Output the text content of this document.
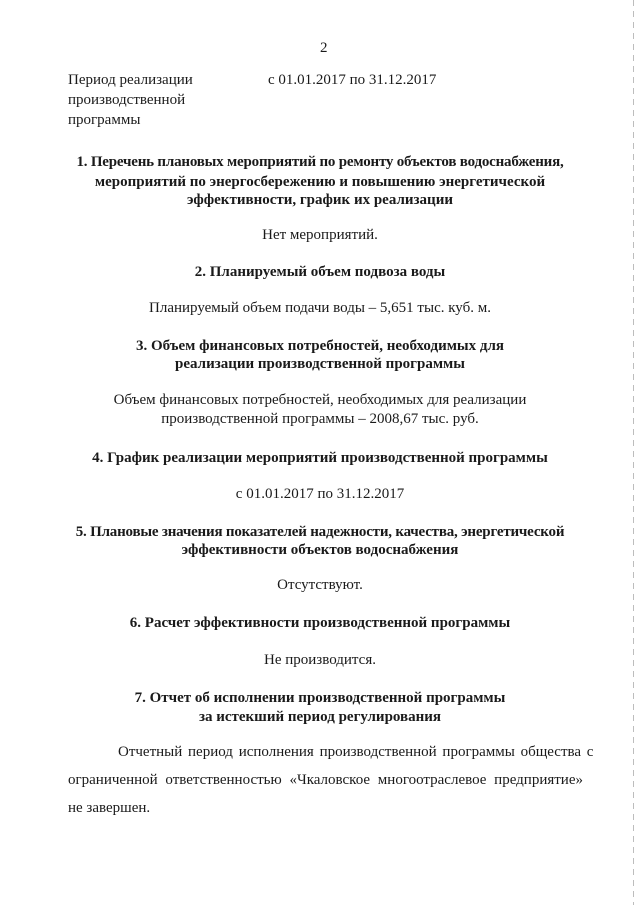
2
Период реализации
производственной
программы
с 01.01.2017 по 31.12.2017
1. Перечень плановых мероприятий по ремонту объектов водоснабжения,
мероприятий по энергосбережению и повышению энергетической
эффективности, график их реализации
Нет мероприятий.
2. Планируемый объем подвоза воды
Планируемый объем подачи воды – 5,651 тыс. куб. м.
3. Объем финансовых потребностей, необходимых для
реализации производственной программы
Объем финансовых потребностей, необходимых для реализации
производственной программы – 2008,67 тыс. руб.
4. График реализации мероприятий производственной программы
с 01.01.2017 по 31.12.2017
5. Плановые значения показателей надежности, качества, энергетической
эффективности объектов водоснабжения
Отсутствуют.
6. Расчет эффективности производственной программы
Не производится.
7. Отчет об исполнении производственной программы
за истекший период регулирования
Отчетный период исполнения производственной программы общества с
ограниченной ответственностью «Чкаловское многоотраслевое предприятие»
не завершен.
